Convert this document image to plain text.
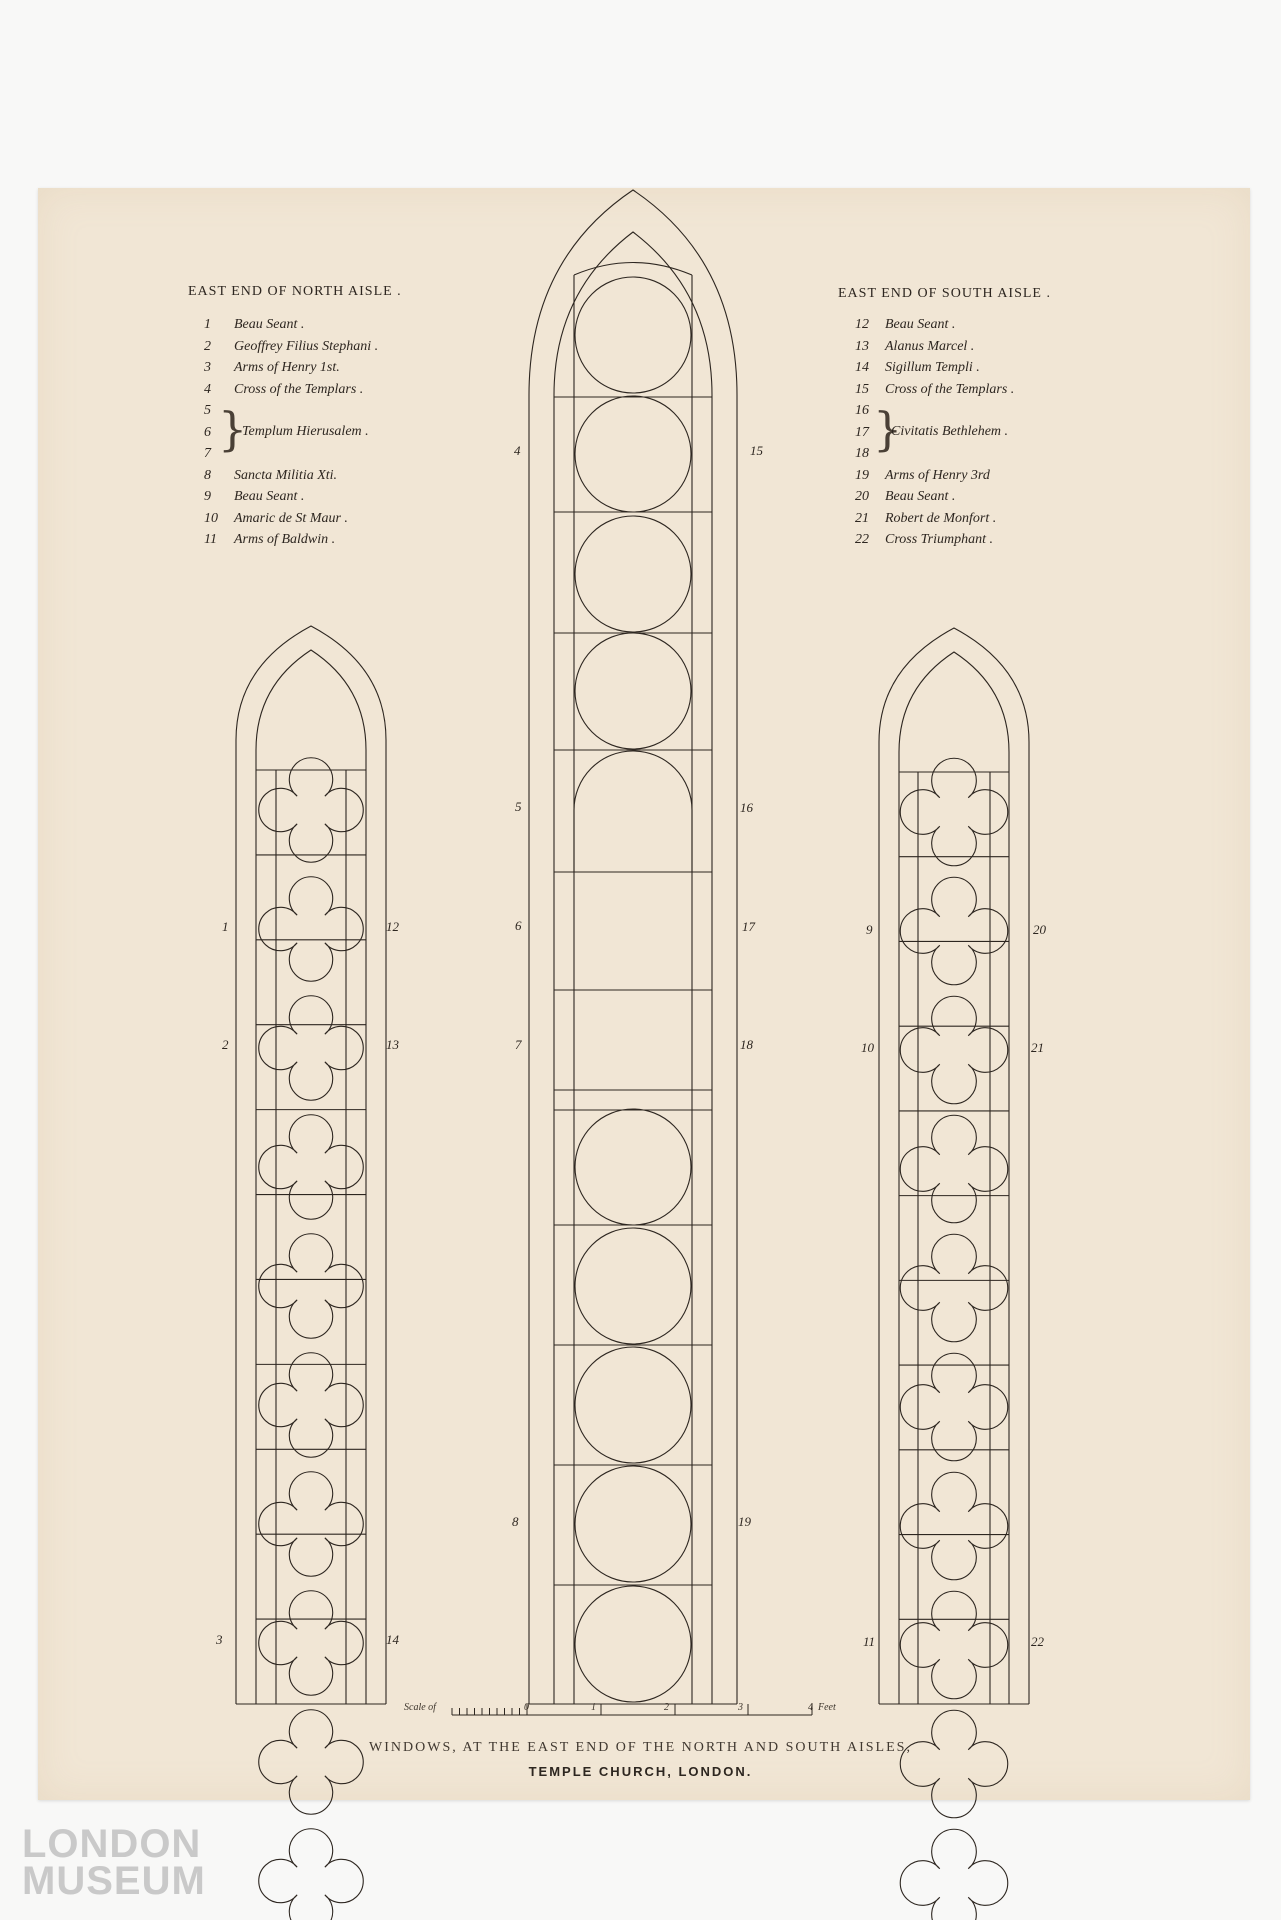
EAST END OF NORTH AISLE .
1	Beau Seant .
2	Geoffrey Filius Stephani .
3	Arms of Henry 1st.
4	Cross of the Templars .
5
6
7 }
Templum Hierusalem .
8	Sancta Militia Xti.
9	Beau Seant .
10	Amaric de St Maur .
11	Arms of Baldwin .
EAST END OF SOUTH AISLE .
12	Beau Seant .
13	Alanus Marcel .
14	Sigillum Templi .
15	Cross of the Templars .
16
17
18 }
Civitatis Bethlehem .
19	Arms of Henry 3rd
20	Beau Seant .
21	Robert de Monfort .
22	Cross Triumphant .
1
2
3
12
13
14
4
5
6
7
8
15
16
17
18
19
9
10
11
20
21
22
Scale of	0	1	2	3	4 Feet
WINDOWS, AT THE EAST END OF THE NORTH AND SOUTH AISLES,
TEMPLE CHURCH, LONDON.
LONDON
MUSEUM
